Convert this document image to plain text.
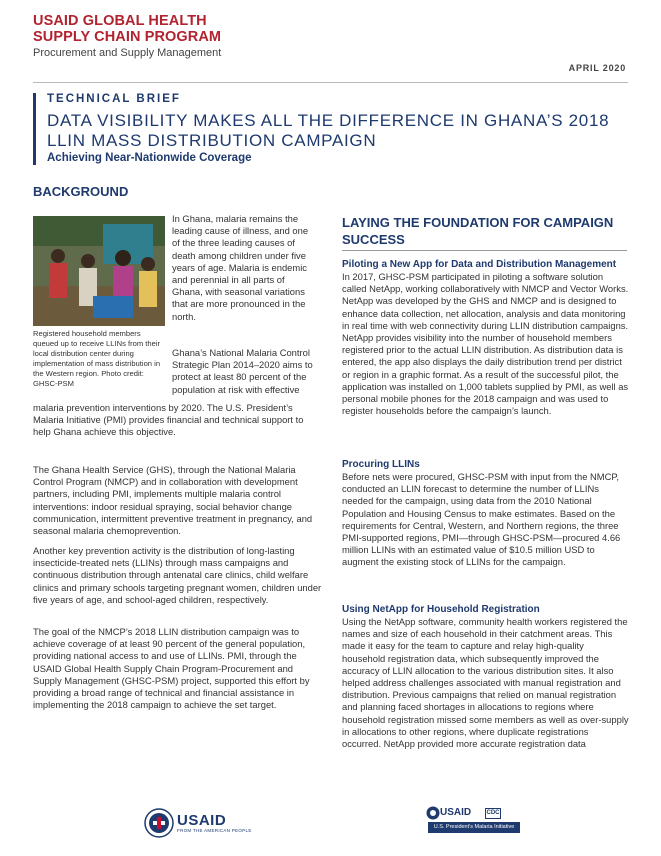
USAID GLOBAL HEALTH
SUPPLY CHAIN PROGRAM
Procurement and Supply Management
APRIL 2020
TECHNICAL BRIEF
DATA VISIBILITY MAKES ALL THE DIFFERENCE IN GHANA’S 2018 LLIN MASS DISTRIBUTION CAMPAIGN
Achieving Near-Nationwide Coverage
BACKGROUND
Registered household members queued up to receive LLINs from their local distribution center during implementation of mass distribution in the Western region. Photo credit: GHSC-PSM
In Ghana, malaria remains the leading cause of illness, and one of the three leading causes of death among children under five years of age. Malaria is endemic and perennial in all parts of Ghana, with seasonal variations that are more pronounced in the north.
Ghana’s National Malaria Control Strategic Plan 2014–2020 aims to protect at least 80 percent of the population at risk with effective
malaria prevention interventions by 2020. The U.S. President’s Malaria Initiative (PMI) provides financial and technical support to help Ghana achieve this objective.
The Ghana Health Service (GHS), through the National Malaria Control Program (NMCP) and in collaboration with development partners, including PMI, implements multiple malaria control interventions: indoor residual spraying, social behavior change communication, intermittent preventive treatment in pregnancy, and seasonal malaria chemoprevention.
Another key prevention activity is the distribution of long-lasting insecticide-treated nets (LLINs) through mass campaigns and continuous distribution through antenatal care clinics, child welfare clinics and primary schools targeting pregnant women, children under five years of age, and school-aged children, respectively.
The goal of the NMCP’s 2018 LLIN distribution campaign was to achieve coverage of at least 90 percent of the general population, providing national access to and use of LLINs. PMI, through the USAID Global Health Supply Chain Program-Procurement and Supply Management (GHSC-PSM) project, supported this effort by providing a broad range of technical and financial assistance in implementing the 2018 campaign to achieve the set target.
LAYING THE FOUNDATION FOR CAMPAIGN SUCCESS
Piloting a New App for Data and Distribution Management
In 2017, GHSC-PSM participated in piloting a software solution called NetApp, working collaboratively with NMCP and Vector Works. NetApp was developed by the GHS and NMCP and is designed to enhance data collection, net allocation, analysis and data monitoring in real time with web connectivity during LLIN distribution campaigns. NetApp provides visibility into the number of household members registered prior to the actual LLIN distribution. As distribution data is entered, the app also displays the daily distribution trend per district or region in a graphic format. As a result of the successful pilot, the application was installed on 1,000 tablets supplied by PMI, as well as personal mobile phones for the 2018 campaign and was used to register households before the campaign’s launch.
Procuring LLINs
Before nets were procured, GHSC-PSM with input from the NMCP, conducted an LLIN forecast to determine the number of LLINs needed for the campaign, using data from the 2010 National Population and Housing Census to make estimates. Based on the requirements for Central, Western, and Northern regions, the three PMI-supported regions, PMI—through GHSC-PSM—procured 4.66 million LLINs with an estimated value of $10.5 million USD to augment the existing stock of LLINs for the campaign.
Using NetApp for Household Registration
Using the NetApp software, community health workers registered the names and size of each household in their catchment areas. This made it easy for the team to capture and relay high-quality household registration data, which subsequently improved the accuracy of LLIN allocation to the various distribution sites. It also helped address challenges associated with manual registration and distribution. Previous campaigns that relied on manual registration and planning faced shortages in allocations to regions where household registration missed some members as well as over-supply in allocations to other regions, where duplicate registrations occurred. NetApp provided more accurate registration data
USAID
FROM THE AMERICAN PEOPLE
USAID	CDC
U.S. President’s Malaria Initiative
